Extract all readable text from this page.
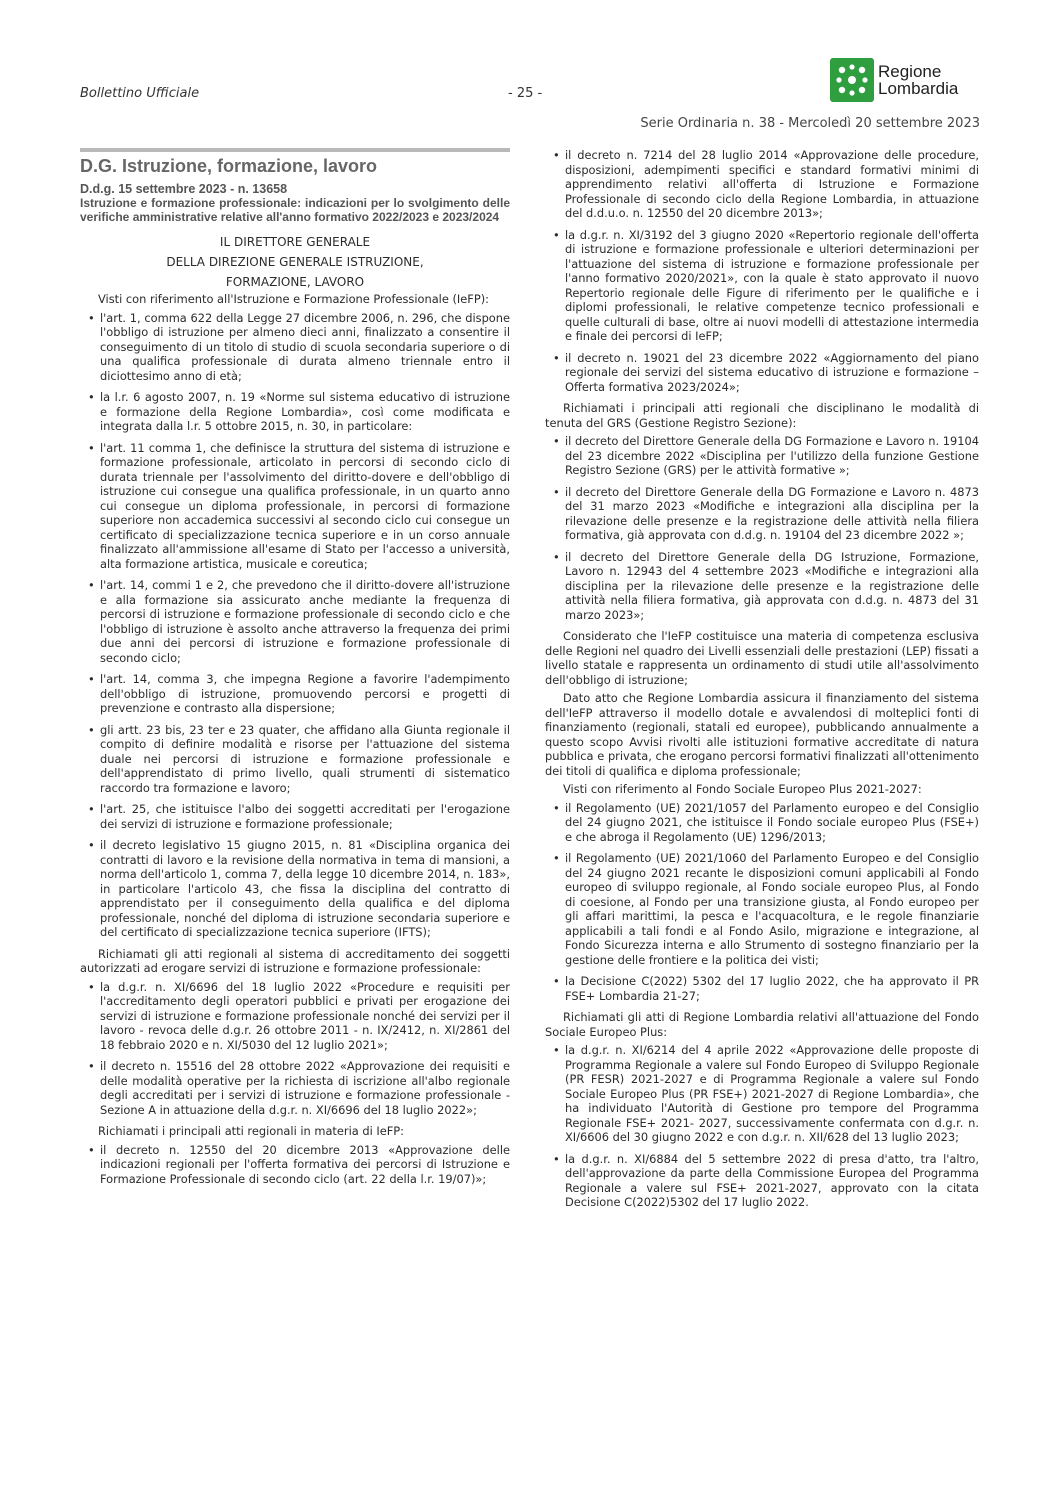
Bollettino Ufficiale	- 25 -
Regione
Lombardia
Serie Ordinaria n. 38 - Mercoledì 20 settembre 2023
D.G. Istruzione, formazione, lavoro
D.d.g. 15 settembre 2023 - n. 13658
Istruzione e formazione professionale: indicazioni per lo svolgimento delle verifiche amministrative relative all'anno formativo 2022/2023 e 2023/2024
IL DIRETTORE GENERALE
DELLA DIREZIONE GENERALE ISTRUZIONE,
FORMAZIONE, LAVORO

Visti con riferimento all'Istruzione e Formazione Professionale (IeFP):

• l'art. 1, comma 622 della Legge 27 dicembre 2006, n. 296, che dispone l'obbligo di istruzione per almeno dieci anni, finalizzato a consentire il conseguimento di un titolo di studio di scuola secondaria superiore o di una qualifica professionale di durata almeno triennale entro il diciottesimo anno di età;
• la l.r. 6 agosto 2007, n. 19 «Norme sul sistema educativo di istruzione e formazione della Regione Lombardia», così come modificata e integrata dalla l.r. 5 ottobre 2015, n. 30, in particolare:
• l'art. 11 comma 1, che definisce la struttura del sistema di istruzione e formazione professionale, articolato in percorsi di secondo ciclo di durata triennale per l'assolvimento del diritto-dovere e dell'obbligo di istruzione cui consegue una qualifica professionale, in un quarto anno cui consegue un diploma professionale, in percorsi di formazione superiore non accademica successivi al secondo ciclo cui consegue un certificato di specializzazione tecnica superiore e in un corso annuale finalizzato all'ammissione all'esame di Stato per l'accesso a università, alta formazione artistica, musicale e coreutica;
• l'art. 14, commi 1 e 2, che prevedono che il diritto-dovere all'istruzione e alla formazione sia assicurato anche mediante la frequenza di percorsi di istruzione e formazione professionale di secondo ciclo e che l'obbligo di istruzione è assolto anche attraverso la frequenza dei primi due anni dei percorsi di istruzione e formazione professionale di secondo ciclo;
• l'art. 14, comma 3, che impegna Regione a favorire l'adempimento dell'obbligo di istruzione, promuovendo percorsi e progetti di prevenzione e contrasto alla dispersione;
• gli artt. 23 bis, 23 ter e 23 quater, che affidano alla Giunta regionale il compito di definire modalità e risorse per l'attuazione del sistema duale nei percorsi di istruzione e formazione professionale e dell'apprendistato di primo livello, quali strumenti di sistematico raccordo tra formazione e lavoro;
• l'art. 25, che istituisce l'albo dei soggetti accreditati per l'erogazione dei servizi di istruzione e formazione professionale;
• il decreto legislativo 15 giugno 2015, n. 81 «Disciplina organica dei contratti di lavoro e la revisione della normativa in tema di mansioni, a norma dell'articolo 1, comma 7, della legge 10 dicembre 2014, n. 183», in particolare l'articolo 43, che fissa la disciplina del contratto di apprendistato per il conseguimento della qualifica e del diploma professionale, nonché del diploma di istruzione secondaria superiore e del certificato di specializzazione tecnica superiore (IFTS);

Richiamati gli atti regionali al sistema di accreditamento dei soggetti autorizzati ad erogare servizi di istruzione e formazione professionale:

• la d.g.r. n. XI/6696 del 18 luglio 2022 «Procedure e requisiti per l'accreditamento degli operatori pubblici e privati per erogazione dei servizi di istruzione e formazione professionale nonché dei servizi per il lavoro - revoca delle d.g.r. 26 ottobre 2011 - n. IX/2412, n. XI/2861 del 18 febbraio 2020 e n. XI/5030 del 12 luglio 2021»;
• il decreto n. 15516 del 28 ottobre 2022 «Approvazione dei requisiti e delle modalità operative per la richiesta di iscrizione all'albo regionale degli accreditati per i servizi di istruzione e formazione professionale - Sezione A in attuazione della d.g.r. n. XI/6696 del 18 luglio 2022»;

Richiamati i principali atti regionali in materia di IeFP:

• il decreto n. 12550 del 20 dicembre 2013 «Approvazione delle indicazioni regionali per l'offerta formativa dei percorsi di Istruzione e Formazione Professionale di secondo ciclo (art. 22 della l.r. 19/07)»;
• il decreto n. 7214 del 28 luglio 2014 «Approvazione delle procedure, disposizioni, adempimenti specifici e standard formativi minimi di apprendimento relativi all'offerta di Istruzione e Formazione Professionale di secondo ciclo della Regione Lombardia, in attuazione del d.d.u.o. n. 12550 del 20 dicembre 2013»;
• la d.g.r. n. XI/3192 del 3 giugno 2020 «Repertorio regionale dell'offerta di istruzione e formazione professionale e ulteriori determinazioni per l'attuazione del sistema di istruzione e formazione professionale per l'anno formativo 2020/2021», con la quale è stato approvato il nuovo Repertorio regionale delle Figure di riferimento per le qualifiche e i diplomi professionali, le relative competenze tecnico professionali e quelle culturali di base, oltre ai nuovi modelli di attestazione intermedia e finale dei percorsi di IeFP;
• il decreto n. 19021 del 23 dicembre 2022 «Aggiornamento del piano regionale dei servizi del sistema educativo di istruzione e formazione – Offerta formativa 2023/2024»;

Richiamati i principali atti regionali che disciplinano le modalità di tenuta del GRS (Gestione Registro Sezione):

• il decreto del Direttore Generale della DG Formazione e Lavoro n. 19104 del 23 dicembre 2022 «Disciplina per l'utilizzo della funzione Gestione Registro Sezione (GRS) per le attività formative »;
• il decreto del Direttore Generale della DG Formazione e Lavoro n. 4873 del 31 marzo 2023 «Modifiche e integrazioni alla disciplina per la rilevazione delle presenze e la registrazione delle attività nella filiera formativa, già approvata con d.d.g. n. 19104 del 23 dicembre 2022 »;
• il decreto del Direttore Generale della DG Istruzione, Formazione, Lavoro n. 12943 del 4 settembre 2023 «Modifiche e integrazioni alla disciplina per la rilevazione delle presenze e la registrazione delle attività nella filiera formativa, già approvata con d.d.g. n. 4873 del 31 marzo 2023»;

Considerato che l'IeFP costituisce una materia di competenza esclusiva delle Regioni nel quadro dei Livelli essenziali delle prestazioni (LEP) fissati a livello statale e rappresenta un ordinamento di studi utile all'assolvimento dell'obbligo di istruzione;

Dato atto che Regione Lombardia assicura il finanziamento del sistema dell'IeFP attraverso il modello dotale e avvalendosi di molteplici fonti di finanziamento (regionali, statali ed europee), pubblicando annualmente a questo scopo Avvisi rivolti alle istituzioni formative accreditate di natura pubblica e privata, che erogano percorsi formativi finalizzati all'ottenimento dei titoli di qualifica e diploma professionale;

Visti con riferimento al Fondo Sociale Europeo Plus 2021-2027:

• il Regolamento (UE) 2021/1057 del Parlamento europeo e del Consiglio del 24 giugno 2021, che istituisce il Fondo sociale europeo Plus (FSE+) e che abroga il Regolamento (UE) 1296/2013;
• il Regolamento (UE) 2021/1060 del Parlamento Europeo e del Consiglio del 24 giugno 2021 recante le disposizioni comuni applicabili al Fondo europeo di sviluppo regionale, al Fondo sociale europeo Plus, al Fondo di coesione, al Fondo per una transizione giusta, al Fondo europeo per gli affari marittimi, la pesca e l'acquacoltura, e le regole finanziarie applicabili a tali fondi e al Fondo Asilo, migrazione e integrazione, al Fondo Sicurezza interna e allo Strumento di sostegno finanziario per la gestione delle frontiere e la politica dei visti;
• la Decisione C(2022) 5302 del 17 luglio 2022, che ha approvato il PR FSE+ Lombardia 21-27;

Richiamati gli atti di Regione Lombardia relativi all'attuazione del Fondo Sociale Europeo Plus:

• la d.g.r. n. XI/6214 del 4 aprile 2022 «Approvazione delle proposte di Programma Regionale a valere sul Fondo Europeo di Sviluppo Regionale (PR FESR) 2021-2027 e di Programma Regionale a valere sul Fondo Sociale Europeo Plus (PR FSE+) 2021-2027 di Regione Lombardia», che ha individuato l'Autorità di Gestione pro tempore del Programma Regionale FSE+ 2021- 2027, successivamente confermata con d.g.r. n. XI/6606 del 30 giugno 2022 e con d.g.r. n. XII/628 del 13 luglio 2023;
• la d.g.r. n. XI/6884 del 5 settembre 2022 di presa d'atto, tra l'altro, dell'approvazione da parte della Commissione Europea del Programma Regionale a valere sul FSE+ 2021-2027, approvato con la citata Decisione C(2022)5302 del 17 luglio 2022.
